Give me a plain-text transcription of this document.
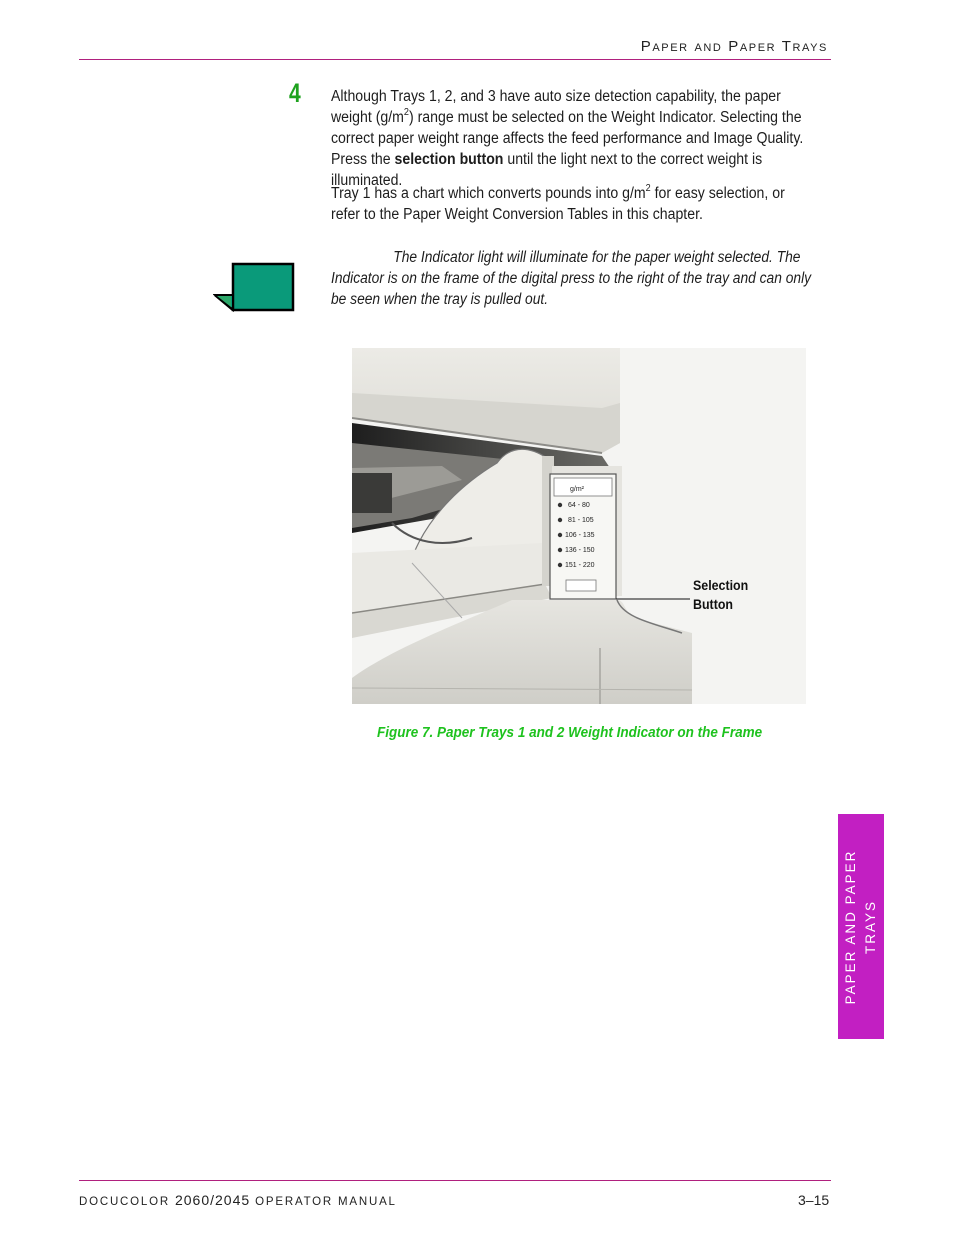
Paper and Paper Trays
4 Although Trays 1, 2, and 3 have auto size detection capability, the paper weight $(g/m^2)$ range must be selected on the Weight Indicator. Selecting the correct paper weight range affects the feed performance and Image Quality. Press the selection button until the light next to the correct weight is illuminated.
Tray 1 has a chart which converts pounds into $g/m^2$ for easy selection, or refer to the Paper Weight Conversion Tables in this chapter.
The Indicator light will illuminate for the paper weight selected. The Indicator is on the frame of the digital press to the right of the tray and can only be seen when the tray is pulled out.
g/m²
64 - 80
81 - 105
106 - 135
136 - 150
151 - 220
Selection
Button
Figure 7. Paper Trays 1 and 2 Weight Indicator on the Frame
PAPER AND PAPER TRAYS
DOCUCOLOR 2060/2045 OPERATOR MANUAL	3–15
